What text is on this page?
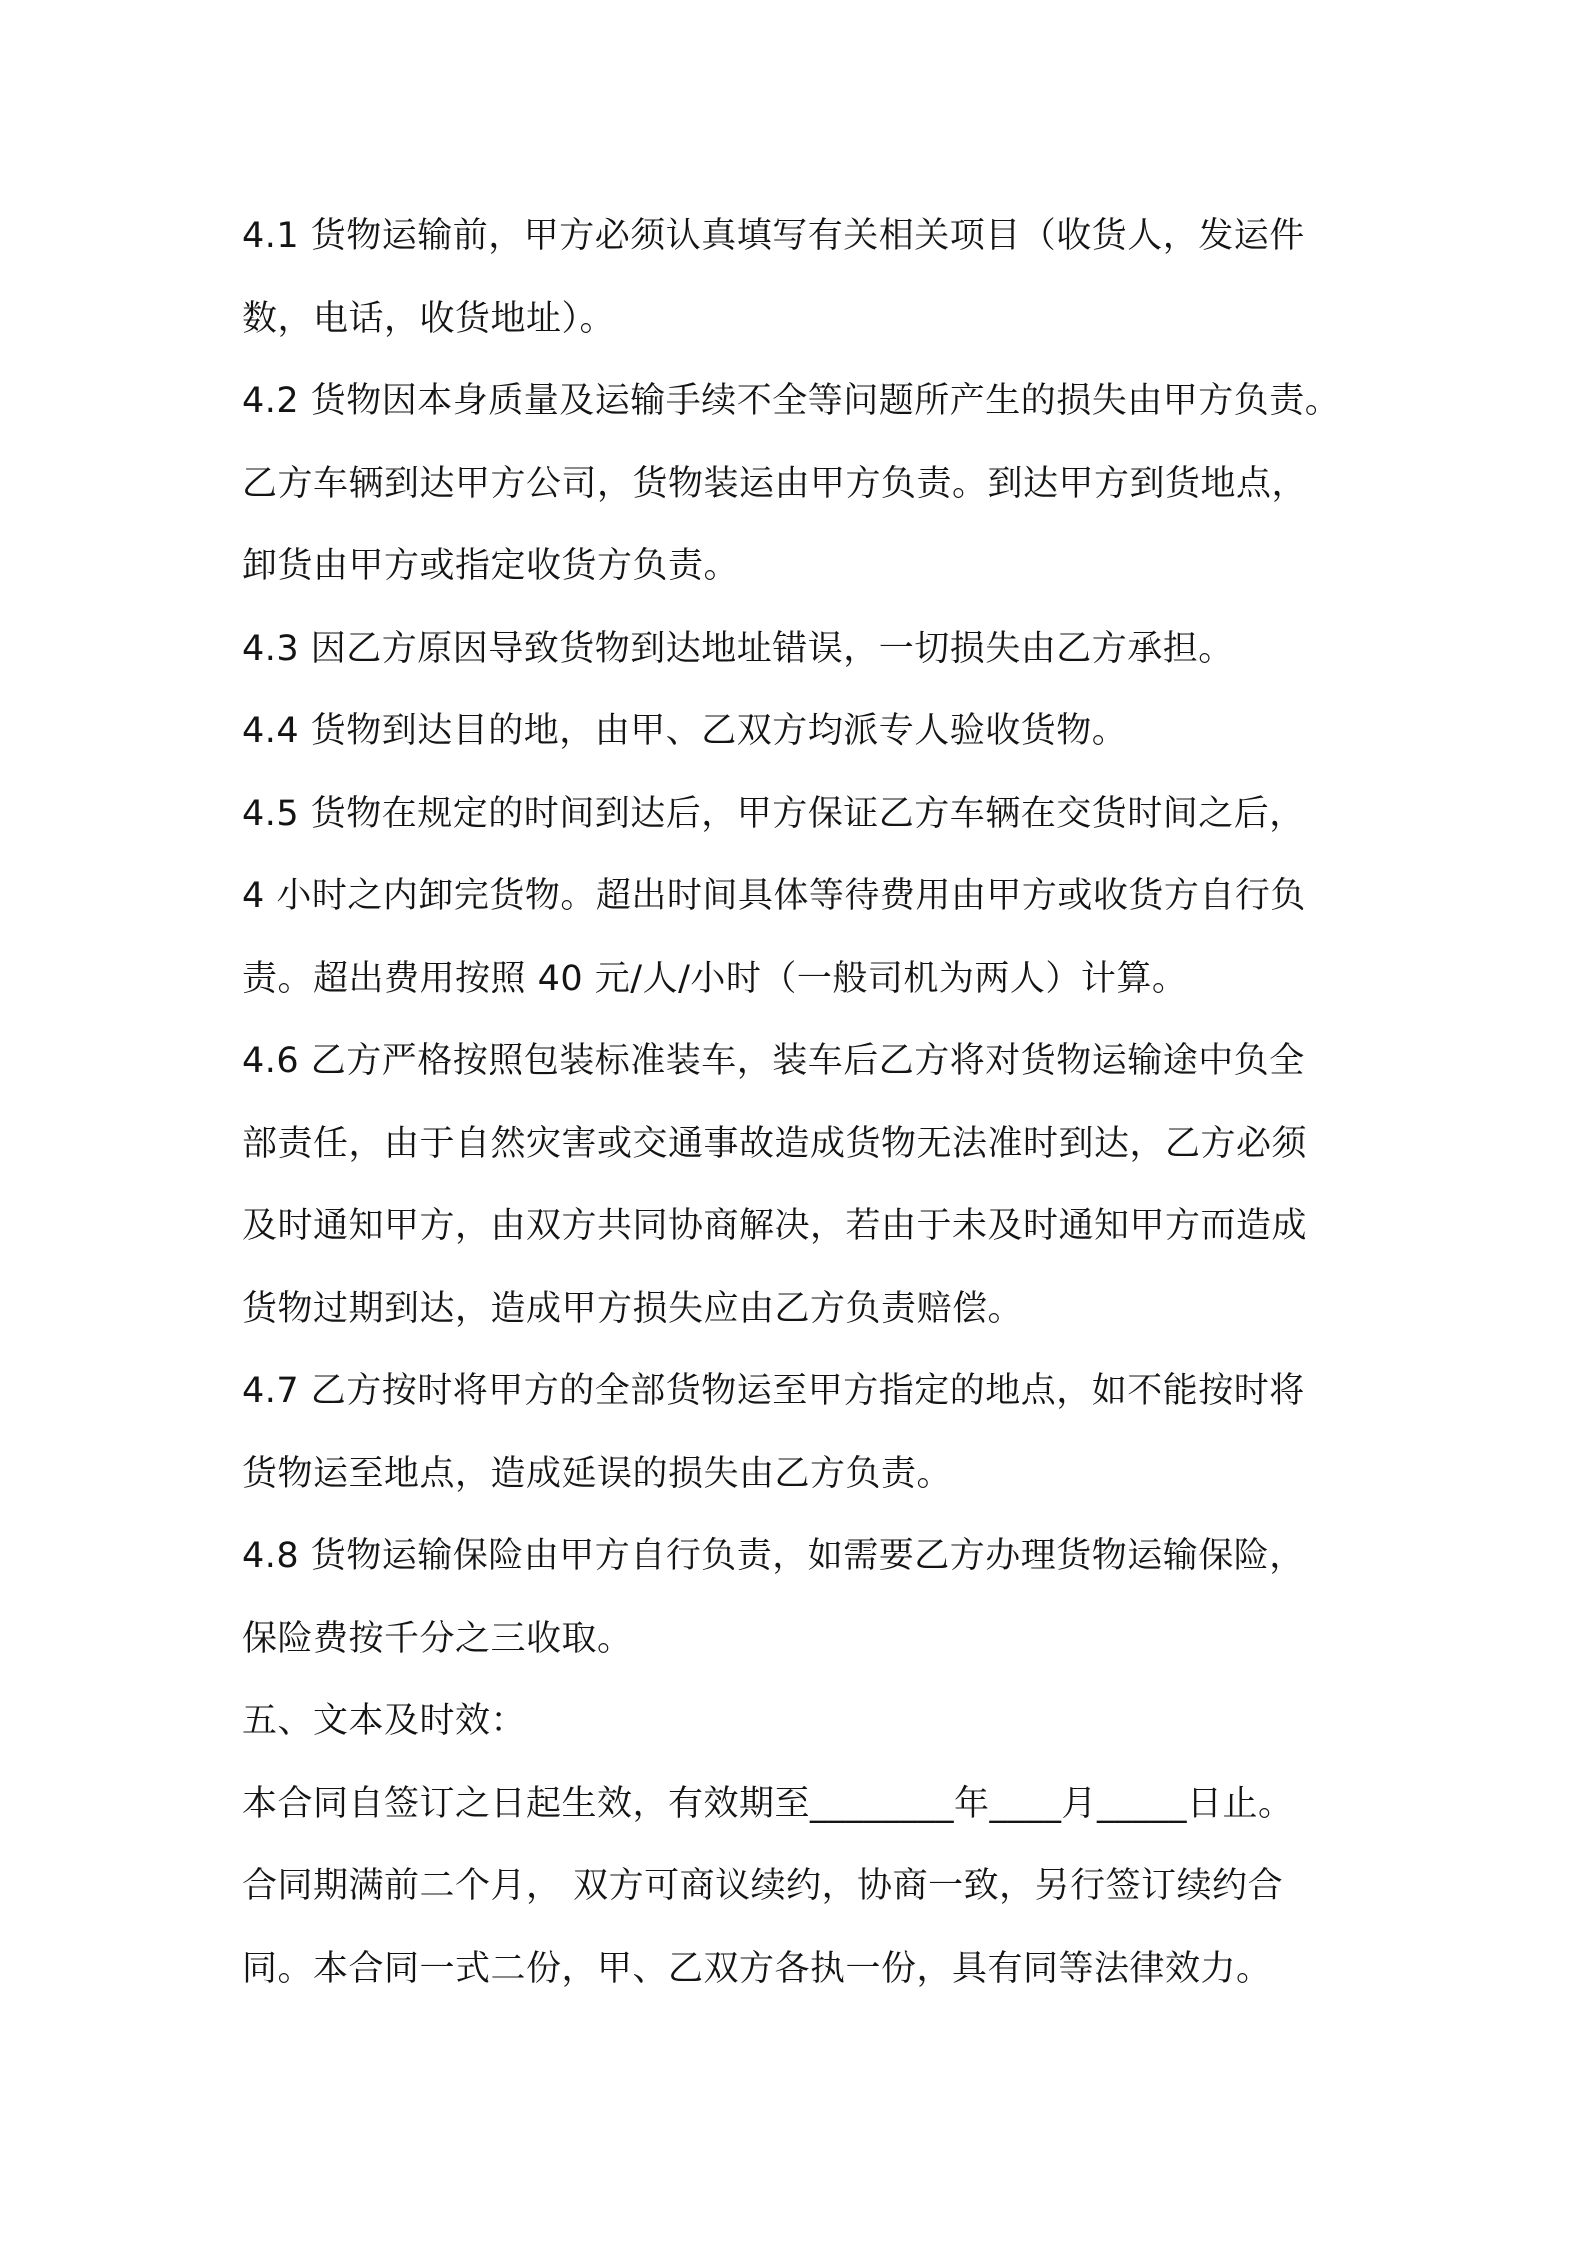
4.1 货物运输前，甲方必须认真填写有关相关项目（收货人，发运件
数，电话，收货地址）。
4.2 货物因本身质量及运输手续不全等问题所产生的损失由甲方负责。
乙方车辆到达甲方公司，货物装运由甲方负责。到达甲方到货地点，
卸货由甲方或指定收货方负责。
4.3 因乙方原因导致货物到达地址错误，一切损失由乙方承担。
4.4 货物到达目的地，由甲、乙双方均派专人验收货物。
4.5 货物在规定的时间到达后，甲方保证乙方车辆在交货时间之后，
4 小时之内卸完货物。超出时间具体等待费用由甲方或收货方自行负
责。超出费用按照 40 元/人/小时（一般司机为两人）计算。
4.6 乙方严格按照包装标准装车，装车后乙方将对货物运输途中负全
部责任，由于自然灾害或交通事故造成货物无法准时到达，乙方必须
及时通知甲方，由双方共同协商解决，若由于未及时通知甲方而造成
货物过期到达，造成甲方损失应由乙方负责赔偿。
4.7 乙方按时将甲方的全部货物运至甲方指定的地点，如不能按时将
货物运至地点，造成延误的损失由乙方负责。
4.8 货物运输保险由甲方自行负责，如需要乙方办理货物运输保险，
保险费按千分之三收取。
五、文本及时效：
本合同自签订之日起生效，有效期至________年____月_____日止。
合同期满前二个月， 双方可商议续约，协商一致，另行签订续约合
同。本合同一式二份，甲、乙双方各执一份，具有同等法律效力。
